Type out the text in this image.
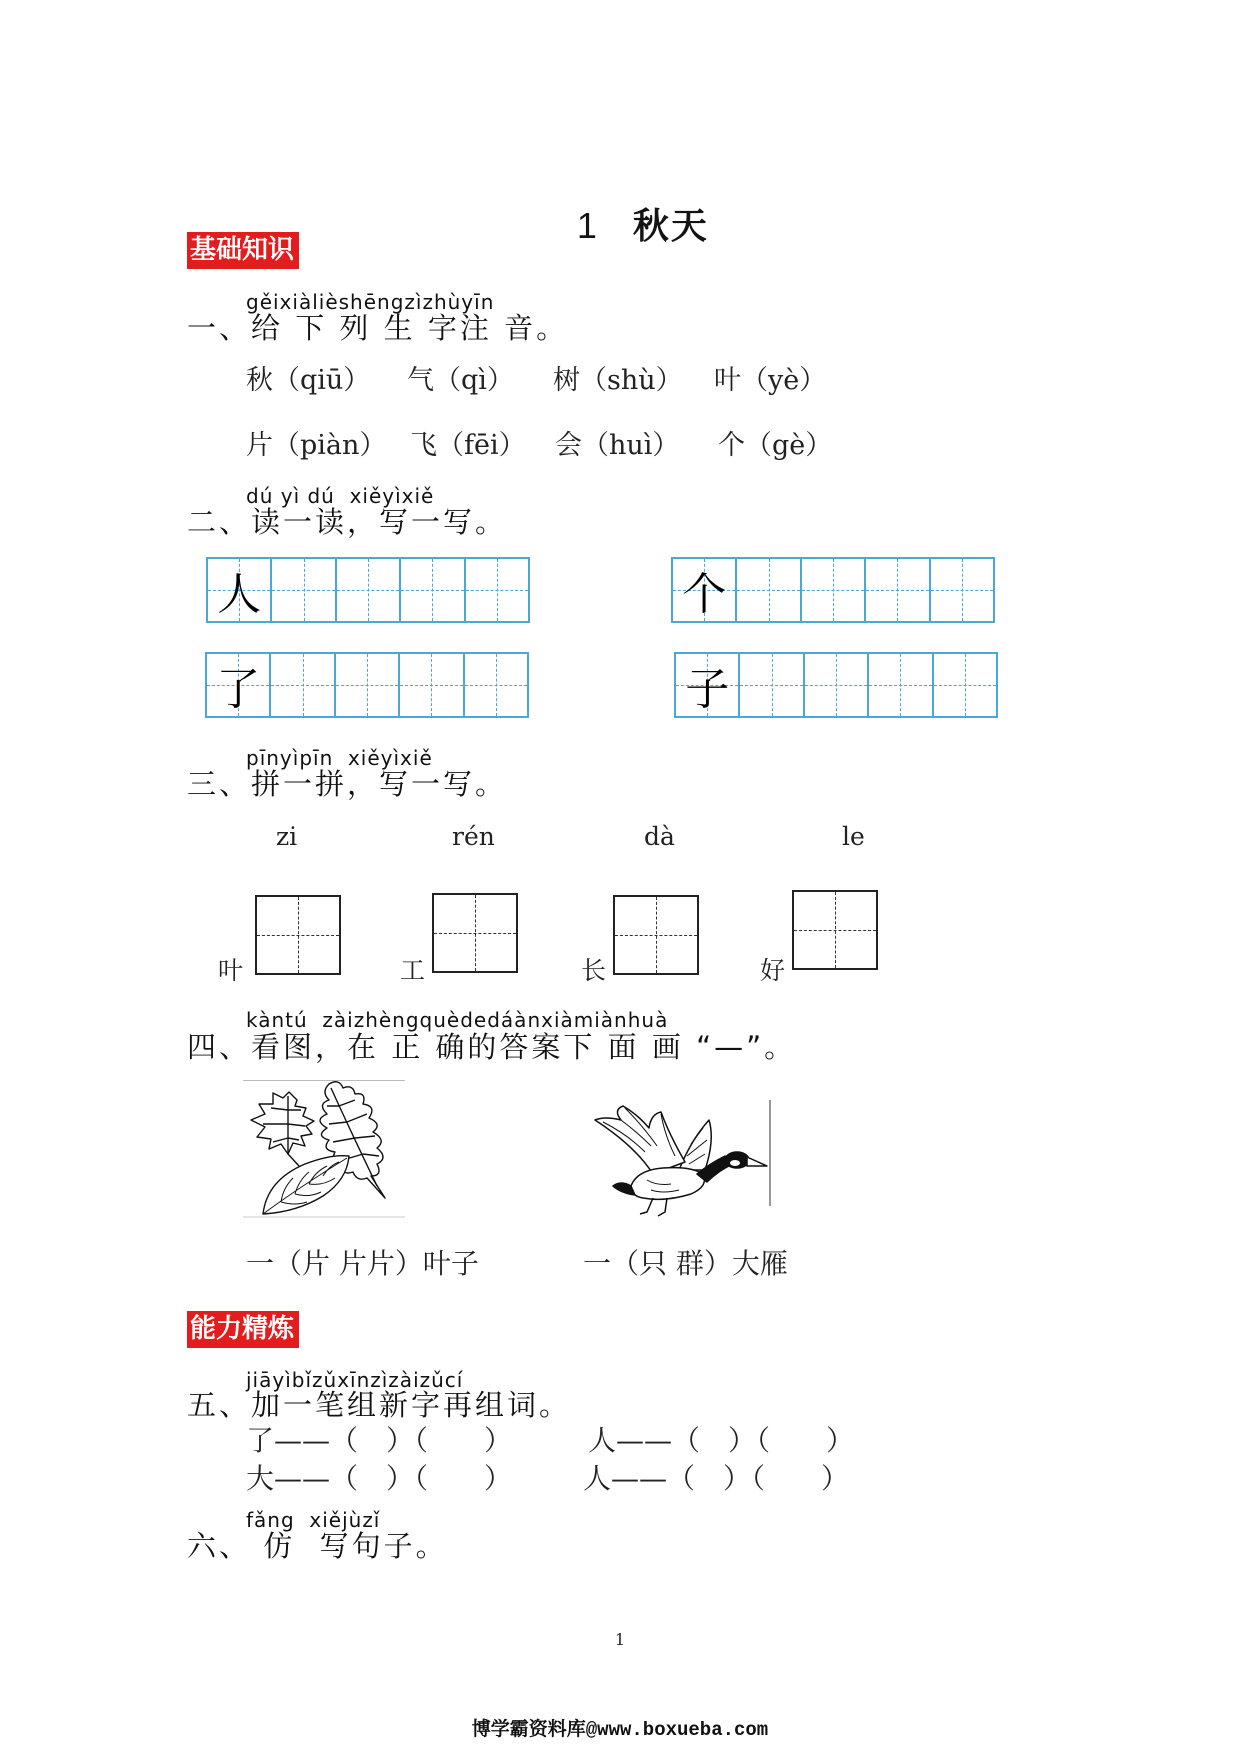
1 秋天

基础知识
gěixiàlièshēngzìzhùyīn
一、给 下 列 生 字注 音。
秋（qiū） 气（qì） 树（shù） 叶（yè）
片（piàn） 飞（fēi） 会（huì） 个（gè）
dú yì dú  xiěyìxiě
二、读一读，写一写。
人	个
了	子
pīnyìpīn  xiěyìxiě
三、拼一拼，写一写。
zi	rén	dà	le
叶	工	长	好
kàntú  zàizhèngquèdedáànxiàmiànhuà
四、看图，在 正 确的答案下 面 画 “—”。
一（片 片片）叶子	一（只 群）大雁
能力精炼
jiāyìbǐzǔxīnzìzàizǔcí
五、加一笔组新字再组词。
了——（　）（　　）	人——（　）（　　）
大——（　）（　　）	人——（　）（　　）
fǎng  xiějùzǐ
六、 仿  写句子。
1
博学霸资料库@www.boxueba.com
